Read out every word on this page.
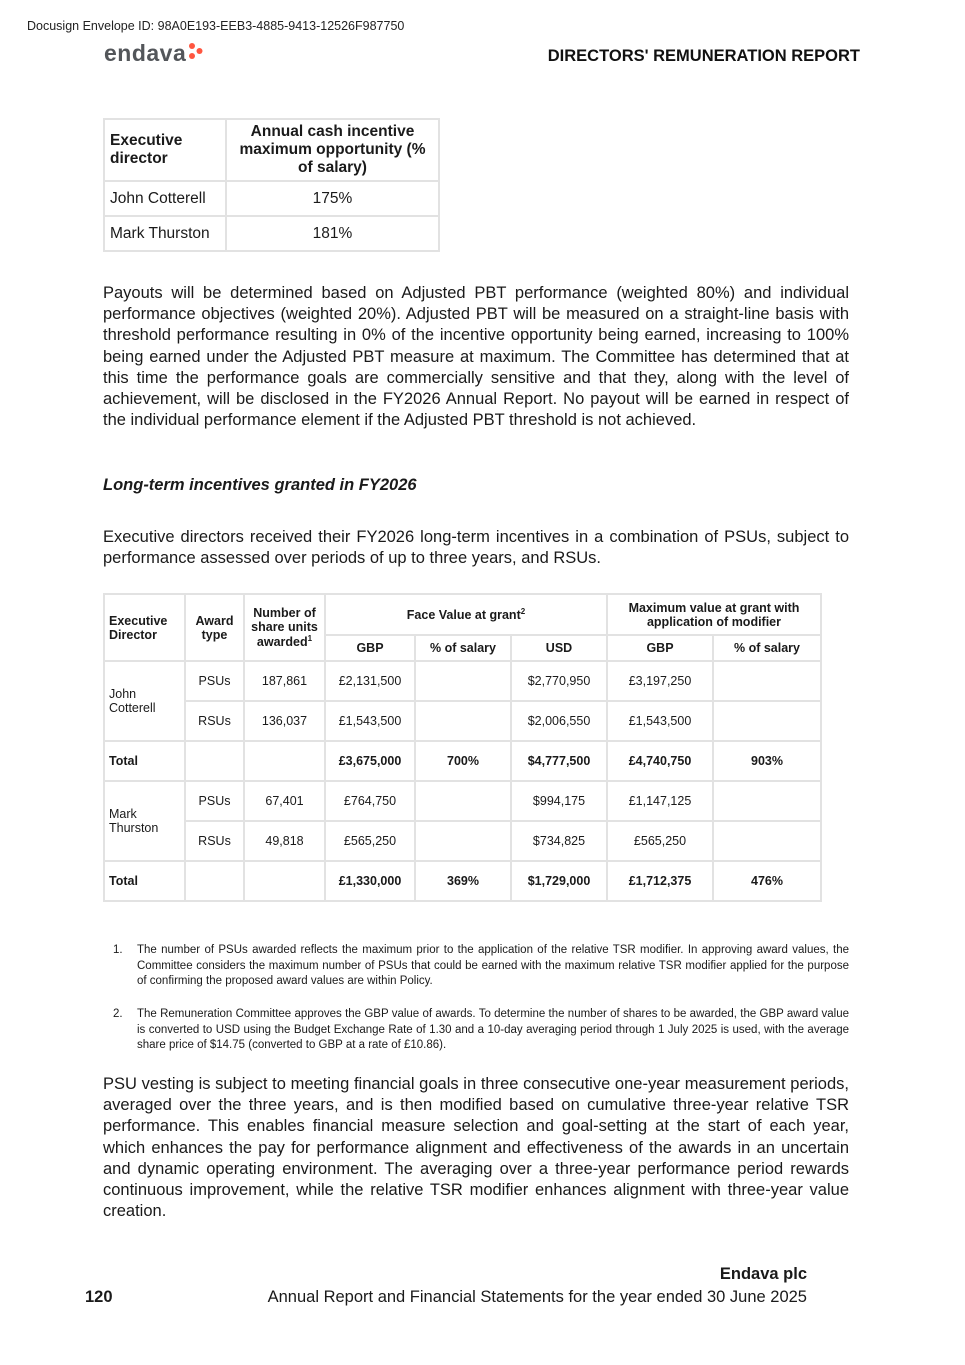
Docusign Envelope ID: 98A0E193-EEB3-4885-9413-12526F987750
endava	DIRECTORS' REMUNERATION REPORT
Executive director	Annual cash incentive maximum opportunity (% of salary)
John Cotterell	175%
Mark Thurston	181%
Payouts will be determined based on Adjusted PBT performance (weighted 80%) and individual performance objectives (weighted 20%). Adjusted PBT will be measured on a straight-line basis with threshold performance resulting in 0% of the incentive opportunity being earned, increasing to 100% being earned under the Adjusted PBT measure at maximum. The Committee has determined that at this time the performance goals are commercially sensitive and that they, along with the level of achievement, will be disclosed in the FY2026 Annual Report. No payout will be earned in respect of the individual performance element if the Adjusted PBT threshold is not achieved.
Long-term incentives granted in FY2026
Executive directors received their FY2026 long-term incentives in a combination of PSUs, subject to performance assessed over periods of up to three years, and RSUs.
Executive Director	Award type	Number of share units awarded$^1$	Face Value at grant$^2$			Maximum value at grant with application of modifier	
			GBP	% of salary	USD	GBP	% of salary
John Cotterell	PSUs	187,861	£2,131,500		$2,770,950	£3,197,250	
	RSUs	136,037	£1,543,500		$2,006,550	£1,543,500	
Total			£3,675,000	700%	$4,777,500	£4,740,750	903%
Mark Thurston	PSUs	67,401	£764,750		$994,175	£1,147,125	
	RSUs	49,818	£565,250		$734,825	£565,250	
Total			£1,330,000	369%	$1,729,000	£1,712,375	476%
1.	The number of PSUs awarded reflects the maximum prior to the application of the relative TSR modifier. In approving award values, the Committee considers the maximum number of PSUs that could be earned with the maximum relative TSR modifier applied for the purpose of confirming the proposed award values are within Policy.
2.	The Remuneration Committee approves the GBP value of awards. To determine the number of shares to be awarded, the GBP award value is converted to USD using the Budget Exchange Rate of 1.30 and a 10-day averaging period through 1 July 2025 is used, with the average share price of $14.75 (converted to GBP at a rate of £10.86).
PSU vesting is subject to meeting financial goals in three consecutive one-year measurement periods, averaged over the three years, and is then modified based on cumulative three-year relative TSR performance. This enables financial measure selection and goal-setting at the start of each year, which enhances the pay for performance alignment and effectiveness of the awards in an uncertain and dynamic operating environment. The averaging over a three-year performance period rewards continuous improvement, while the relative TSR modifier enhances alignment with three-year value creation.
Endava plc
120	Annual Report and Financial Statements for the year ended 30 June 2025
